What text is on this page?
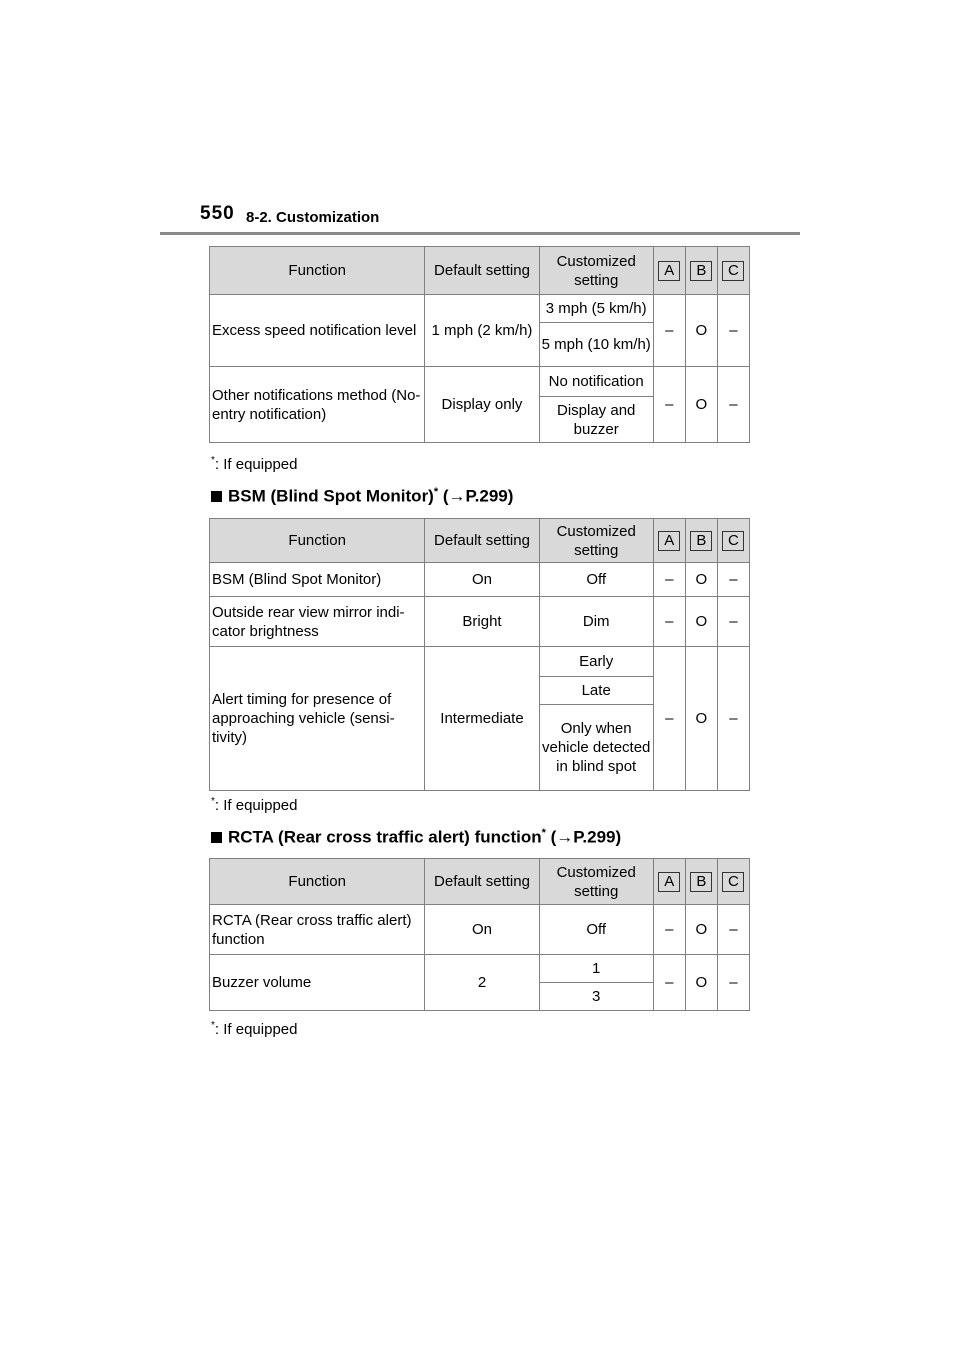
550 8-2. Customization
Function	Default setting	Customized setting	A	B	C
Excess speed notification level	1 mph (2 km/h)	3 mph (5 km/h)	–	O	–
		5 mph (10 km/h)			
Other notifications method (No-entry notification)	Display only	No notification	–	O	–
		Display and buzzer			
*: If equipped
BSM (Blind Spot Monitor)* (→P.299)
Function	Default setting	Customized setting	A	B	C
BSM (Blind Spot Monitor)	On	Off	–	O	–
Outside rear view mirror indi-cator brightness	Bright	Dim	–	O	–
Alert timing for presence of approaching vehicle (sensi-tivity)	Intermediate	Early	–	O	–
		Late			
		Only when vehicle detected in blind spot			
*: If equipped
RCTA (Rear cross traffic alert) function* (→P.299)
Function	Default setting	Customized setting	A	B	C
RCTA (Rear cross traffic alert) function	On	Off	–	O	–
Buzzer volume	2	1	–	O	–
		3			
*: If equipped
